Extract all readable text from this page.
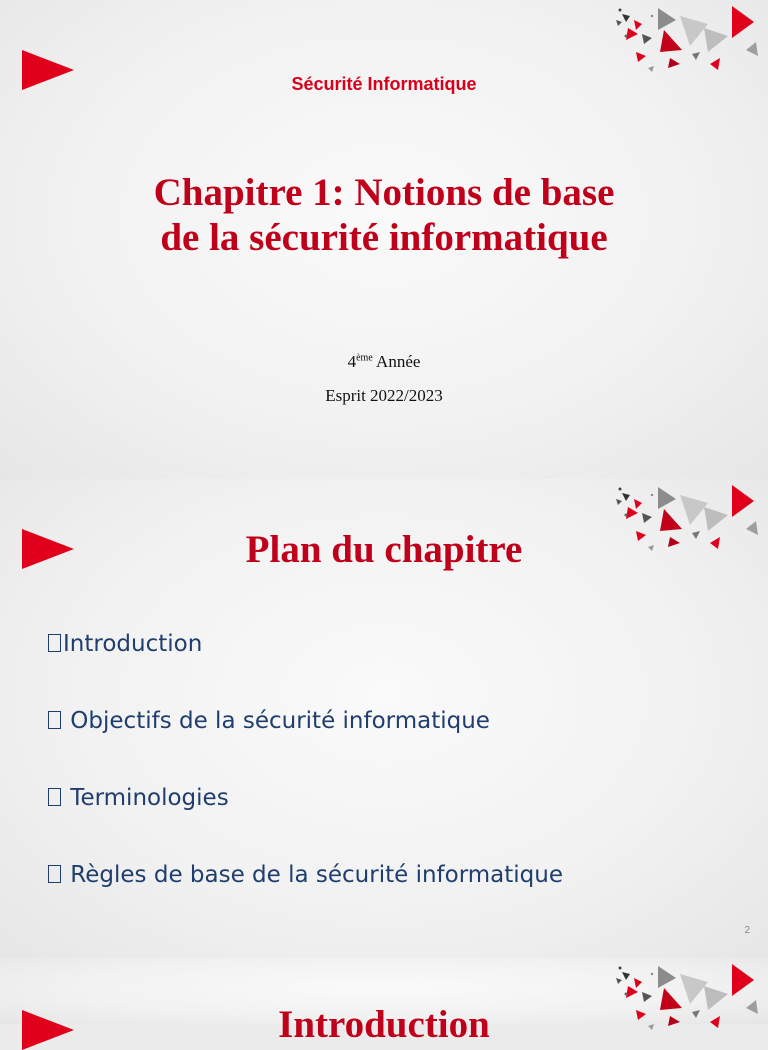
Sécurité Informatique
Chapitre 1: Notions de base
de la sécurité informatique
4ème Année
Esprit 2022/2023
Plan du chapitre
Introduction
Objectifs de la sécurité informatique
Terminologies
Règles de base de la sécurité informatique
2
Introduction
